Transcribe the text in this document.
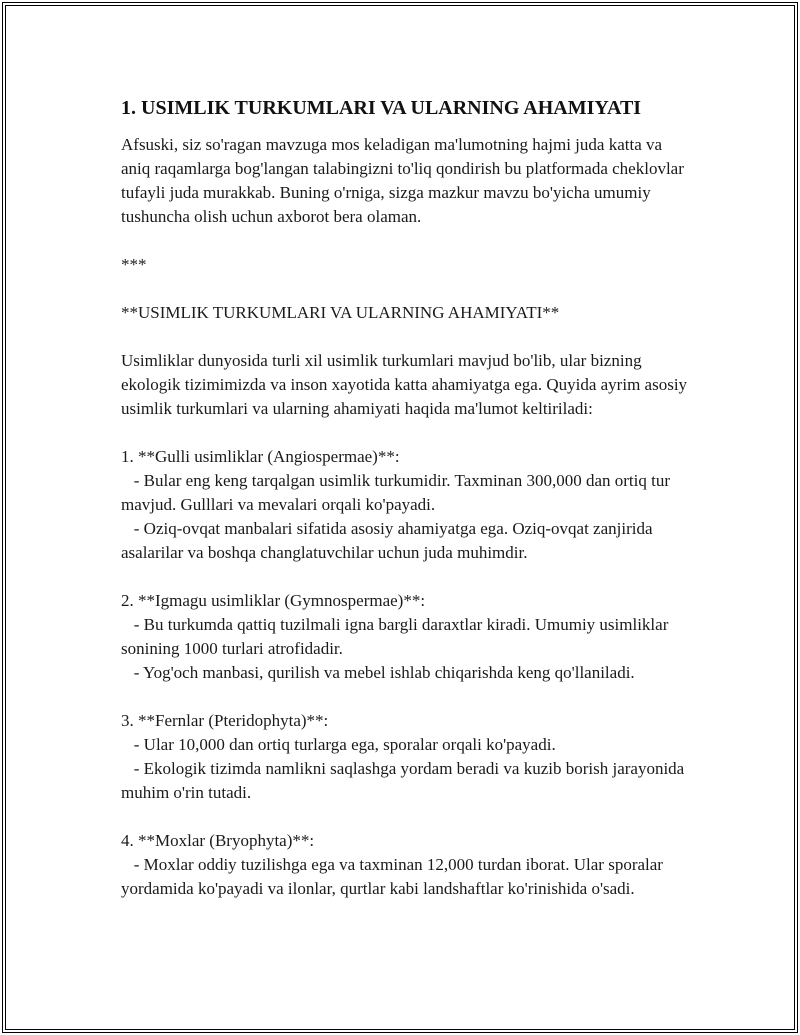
1. USIMLIK TURKUMLARI VA ULARNING AHAMIYATI

Afsuski, siz so'ragan mavzuga mos keladigan ma'lumotning hajmi juda katta va aniq raqamlarga bog'langan talabingizni to'liq qondirish bu platformada cheklovlar tufayli juda murakkab. Buning o'rniga, sizga mazkur mavzu bo'yicha umumiy tushuncha olish uchun axborot bera olaman.

***

**USIMLIK TURKUMLARI VA ULARNING AHAMIYATI**

Usimliklar dunyosida turli xil usimlik turkumlari mavjud bo'lib, ular bizning ekologik tizimimizda va inson xayotida katta ahamiyatga ega. Quyida ayrim asosiy usimlik turkumlari va ularning ahamiyati haqida ma'lumot keltiriladi:

1. **Gulli usimliklar (Angiospermae)**:

- Bular eng keng tarqalgan usimlik turkumidir. Taxminan 300,000 dan ortiq tur mavjud. Gulllari va mevalari orqali ko'payadi.

- Oziq-ovqat manbalari sifatida asosiy ahamiyatga ega. Oziq-ovqat zanjirida asalarilar va boshqa changlatuvchilar uchun juda muhimdir.

2. **Igmagu usimliklar (Gymnospermae)**:

- Bu turkumda qattiq tuzilmali igna bargli daraxtlar kiradi. Umumiy usimliklar sonining 1000 turlari atrofidadir.

- Yog'och manbasi, qurilish va mebel ishlab chiqarishda keng qo'llaniladi.

3. **Fernlar (Pteridophyta)**:

- Ular 10,000 dan ortiq turlarga ega, sporalar orqali ko'payadi.

- Ekologik tizimda namlikni saqlashga yordam beradi va kuzib borish jarayonida muhim o'rin tutadi.

4. **Moxlar (Bryophyta)**:

- Moxlar oddiy tuzilishga ega va taxminan 12,000 turdan iborat. Ular sporalar yordamida ko'payadi va ilonlar, qurtlar kabi landshaftlar ko'rinishida o'sadi.
